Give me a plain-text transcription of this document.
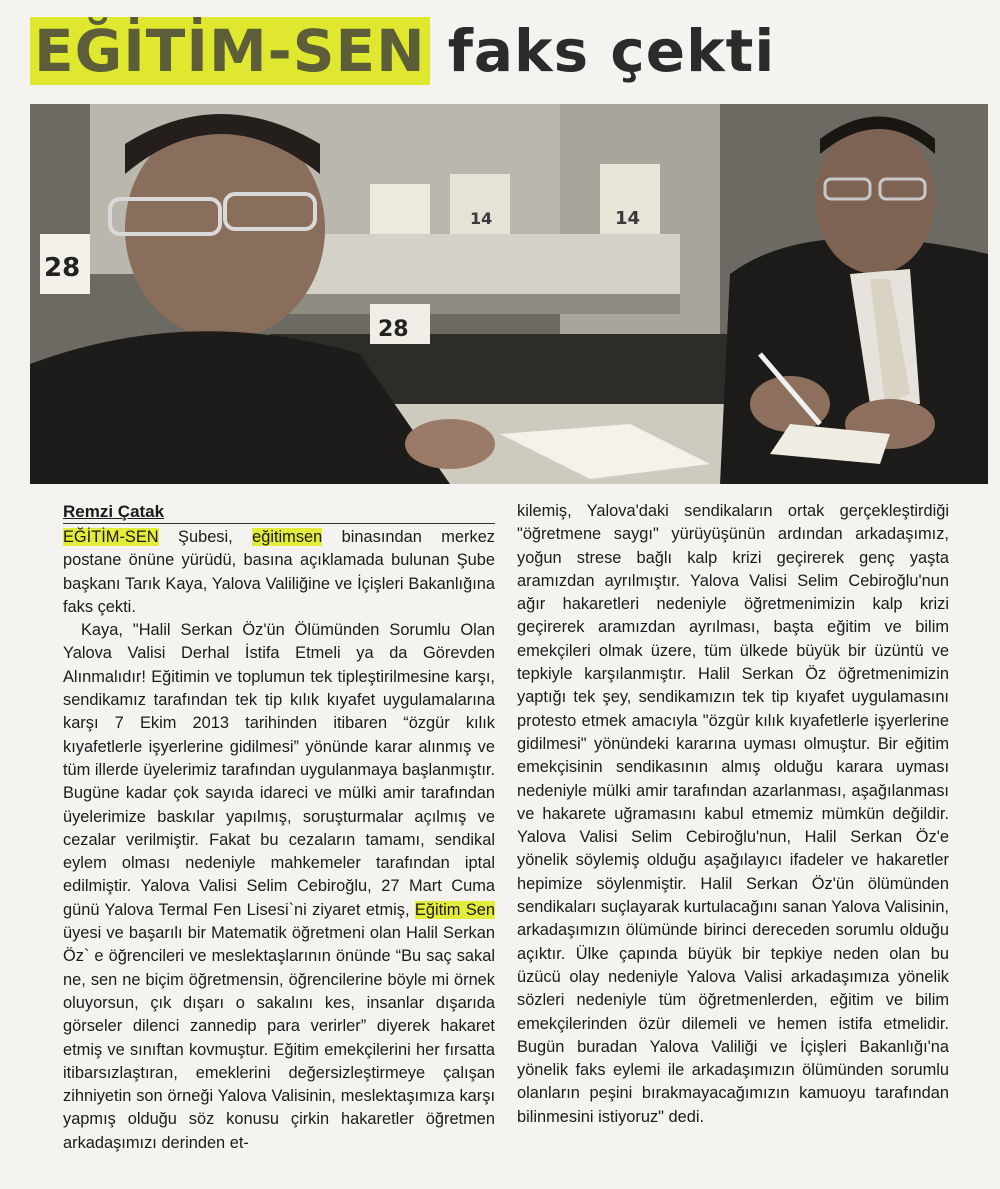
EĞİTİM-SEN faks çekti
14	14
28
28
Remzi Çatak

EĞİTİM-SEN Şubesi, eğitimsen binasından merkez postane önüne yürüdü, basına açıklamada bulunan Şube başkanı Tarık Kaya, Yalova Valiliğine ve İçişleri Bakanlığına faks çekti.

Kaya, "Halil Serkan Öz'ün Ölümünden Sorumlu Olan Yalova Valisi Derhal İstifa Etmeli ya da Görevden Alınmalıdır! Eğitimin ve toplumun tek tipleştirilmesine karşı, sendikamız tarafından tek tip kılık kıyafet uygulamalarına karşı 7 Ekim 2013 tarihinden itibaren “özgür kılık kıyafetlerle işyerlerine gidilmesi” yönünde karar alınmış ve tüm illerde üyelerimiz tarafından uygulanmaya başlanmıştır. Bugüne kadar çok sayıda idareci ve mülki amir tarafından üyelerimize baskılar yapılmış, soruşturmalar açılmış ve cezalar verilmiştir. Fakat bu cezaların tamamı, sendikal eylem olması nedeniyle mahkemeler tarafından iptal edilmiştir. Yalova Valisi Selim Cebiroğlu, 27 Mart Cuma günü Yalova Termal Fen Lisesi`ni ziyaret etmiş, Eğitim Sen üyesi ve başarılı bir Matematik öğretmeni olan Halil Serkan Öz` e öğrencileri ve meslektaşlarının önünde “Bu saç sakal ne, sen ne biçim öğretmensin, öğrencilerine böyle mi örnek oluyorsun, çık dışarı o sakalını kes, insanlar dışarıda görseler dilenci zannedip para verirler” diyerek hakaret etmiş ve sınıftan kovmuştur. Eğitim emekçilerini her fırsatta itibarsızlaştıran, emeklerini değersizleştirmeye çalışan zihniyetin son örneği Yalova Valisinin, meslektaşımıza karşı yapmış olduğu söz konusu çirkin hakaretler öğretmen arkadaşımızı derinden et-

kilemiş, Yalova'daki sendikaların ortak gerçekleştirdiği "öğretmene saygı" yürüyüşünün ardından arkadaşımız, yoğun strese bağlı kalp krizi geçirerek genç yaşta aramızdan ayrılmıştır. Yalova Valisi Selim Cebiroğlu'nun ağır hakaretleri nedeniyle öğretmenimizin kalp krizi geçirerek aramızdan ayrılması, başta eğitim ve bilim emekçileri olmak üzere, tüm ülkede büyük bir üzüntü ve tepkiyle karşılanmıştır. Halil Serkan Öz öğretmenimizin yaptığı tek şey, sendikamızın tek tip kıyafet uygulamasını protesto etmek amacıyla "özgür kılık kıyafetlerle işyerlerine gidilmesi" yönündeki kararına uyması olmuştur. Bir eğitim emekçisinin sendikasının almış olduğu karara uyması nedeniyle mülki amir tarafından azarlanması, aşağılanması ve hakarete uğramasını kabul etmemiz mümkün değildir. Yalova Valisi Selim Cebiroğlu'nun, Halil Serkan Öz'e yönelik söylemiş olduğu aşağılayıcı ifadeler ve hakaretler hepimize söylenmiştir. Halil Serkan Öz'ün ölümünden sendikaları suçlayarak kurtulacağını sanan Yalova Valisinin, arkadaşımızın ölümünde birinci dereceden sorumlu olduğu açıktır. Ülke çapında büyük bir tepkiye neden olan bu üzücü olay nedeniyle Yalova Valisi arkadaşımıza yönelik sözleri nedeniyle tüm öğretmenlerden, eğitim ve bilim emekçilerinden özür dilemeli ve hemen istifa etmelidir. Bugün buradan Yalova Valiliği ve İçişleri Bakanlığı'na yönelik faks eylemi ile arkadaşımızın ölümünden sorumlu olanların peşini bırakmayacağımızın kamuoyu tarafından bilinmesini istiyoruz" dedi.
